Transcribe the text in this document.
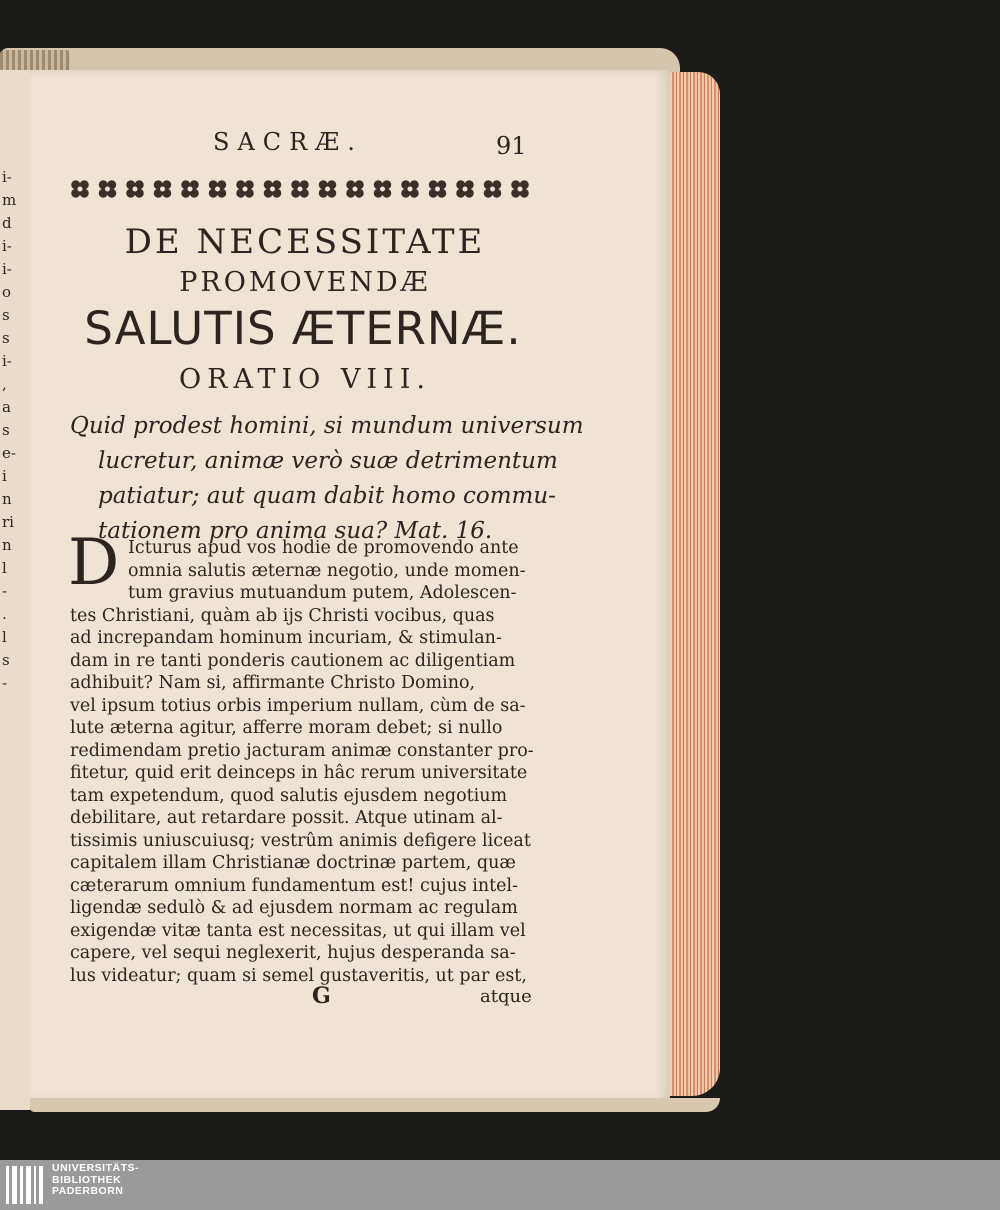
i-
m
d
i-
i-
o
s
s
i-
,
a
s
e-
i
n
ri
n
l
-
.
l
s
-
SACRÆ.	91
DE NECESSITATE
PROMOVENDÆ
SALUTIS ÆTERNÆ.
ORATIO VIII.
Quid prodest homini, si mundum universum
lucretur, animæ verò suæ detrimentum
patiatur; aut quam dabit homo commu-
tationem pro anima sua? Mat. 16.
D Icturus apud vos hodie de promovendo ante
omnia salutis æternæ negotio, unde momen-
tum gravius mutuandum putem, Adolescen-
tes Christiani, quàm ab ijs Christi vocibus, quas
ad increpandam hominum incuriam, & stimulan-
dam in re tanti ponderis cautionem ac diligentiam
adhibuit? Nam si, affirmante Christo Domino,
vel ipsum totius orbis imperium nullam, cùm de sa-
lute æterna agitur, afferre moram debet; si nullo
redimendam pretio jacturam animæ constanter pro-
fitetur, quid erit deinceps in hâc rerum universitate
tam expetendum, quod salutis ejusdem negotium
debilitare, aut retardare possit. Atque utinam al-
tissimis uniuscuiusq; vestrûm animis defigere liceat
capitalem illam Christianæ doctrinæ partem, quæ
cæterarum omnium fundamentum est! cujus intel-
ligendæ sedulò & ad ejusdem normam ac regulam
exigendæ vitæ tanta est necessitas, ut qui illam vel
capere, vel sequi neglexerit, hujus desperanda sa-
lus videatur; quam si semel gustaveritis, ut par est,
G	atque
UNIVERSITÄTS-
BIBLIOTHEK
PADERBORN
